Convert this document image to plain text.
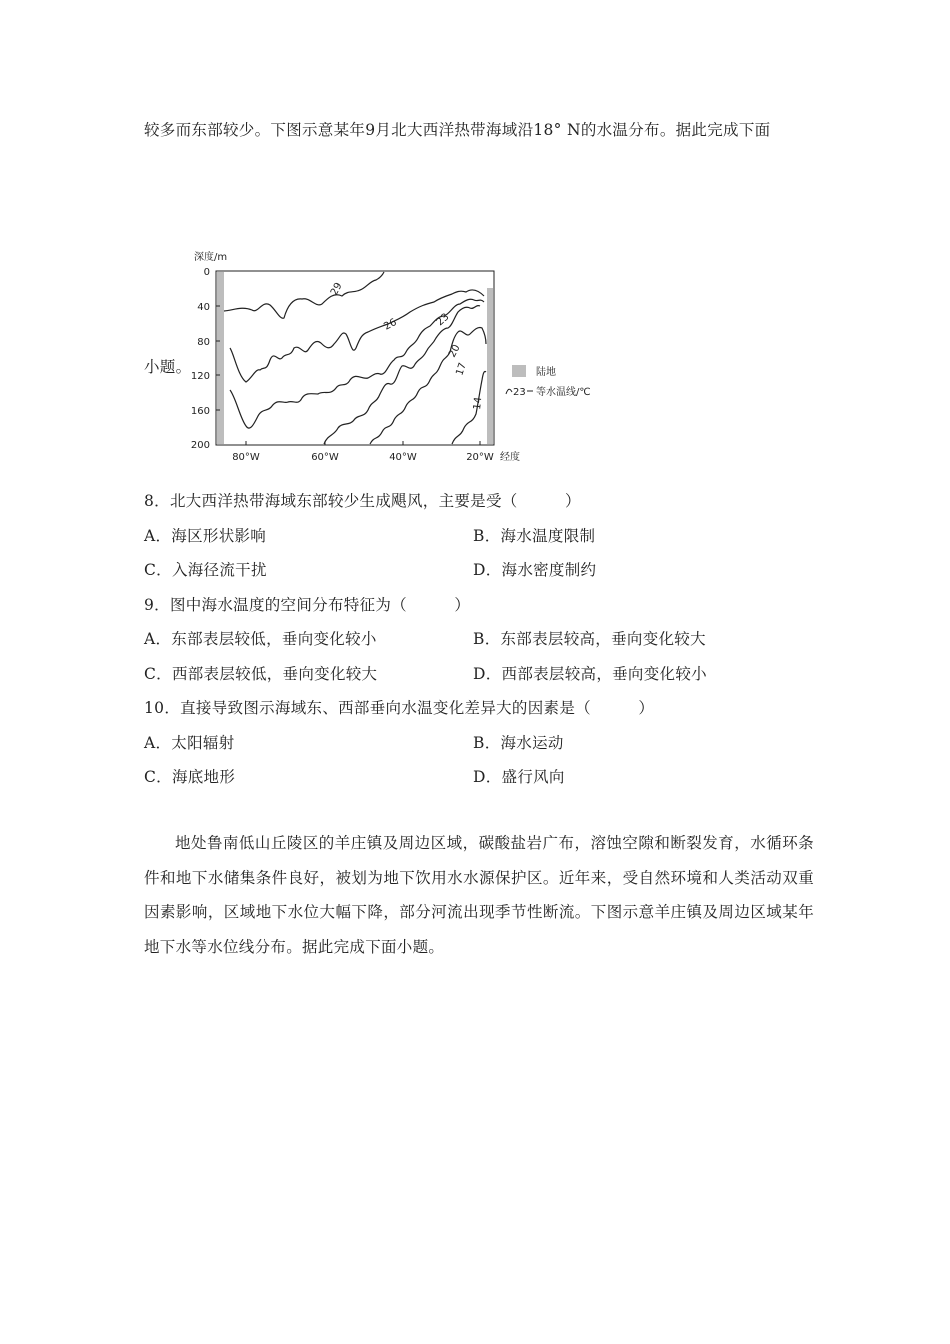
较多而东部较少。下图示意某年9月北大西洋热带海域沿18° N的水温分布。据此完成下面
小题。
深度/m
0
40
80
120
160
200
80°W	60°W	40°W	20°W 经度
29
26	23
20
17
14
陆地
23 等水温线/℃
8．北大西洋热带海域东部较少生成飓风，主要是受（　　　）
A．海区形状影响	B．海水温度限制
C．入海径流干扰	D．海水密度制约
9．图中海水温度的空间分布特征为（　　　）
A．东部表层较低，垂向变化较小	B．东部表层较高，垂向变化较大
C．西部表层较低，垂向变化较大	D．西部表层较高，垂向变化较小
10．直接导致图示海域东、西部垂向水温变化差异大的因素是（　　　）
A．太阳辐射	B．海水运动
C．海底地形	D．盛行风向
地处鲁南低山丘陵区的羊庄镇及周边区域，碳酸盐岩广布，溶蚀空隙和断裂发育，水循环条件和地下水储集条件良好，被划为地下饮用水水源保护区。近年来，受自然环境和人类活动双重因素影响，区域地下水位大幅下降，部分河流出现季节性断流。下图示意羊庄镇及周边区域某年地下水等水位线分布。据此完成下面小题。
